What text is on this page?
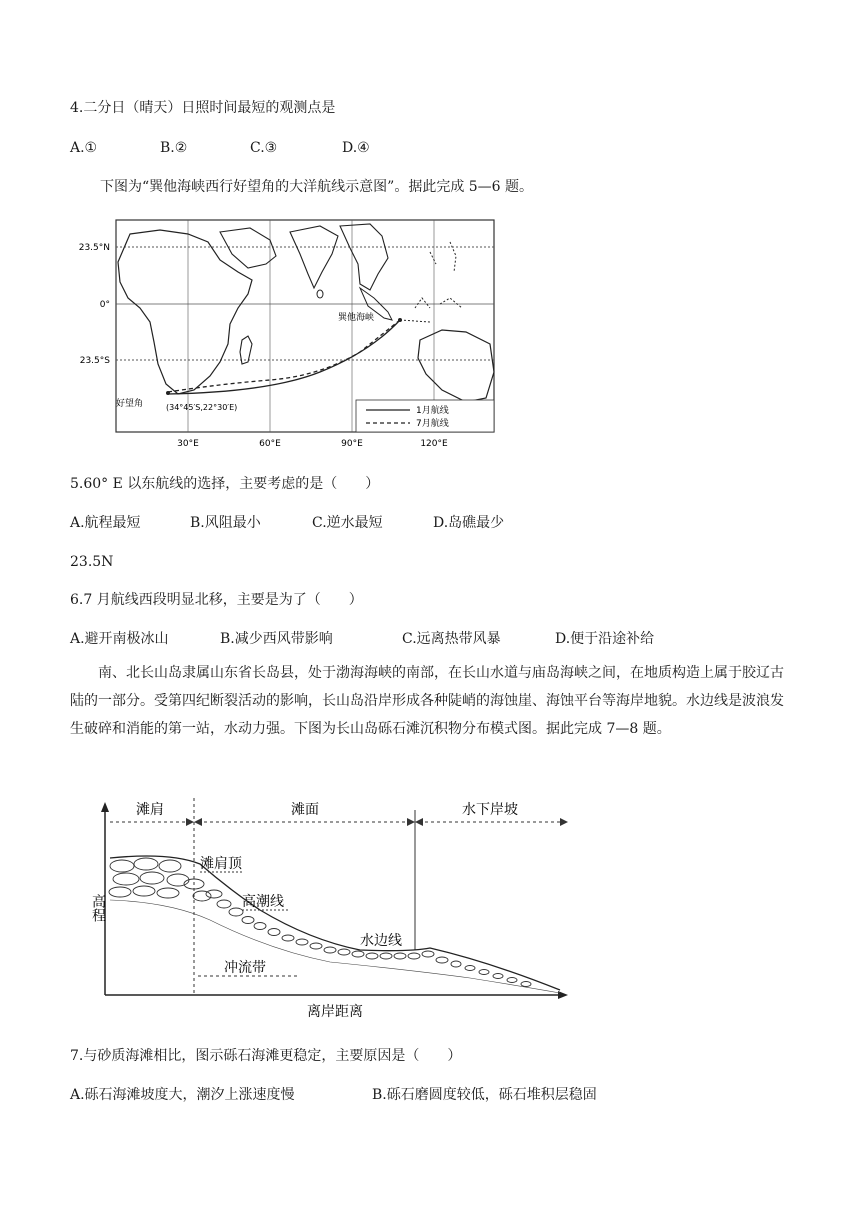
4.二分日（晴天）日照时间最短的观测点是
A.①	B.②	C.③	D.④
下图为“巽他海峡西行好望角的大洋航线示意图”。据此完成 5—6 题。
23.5°N
0°
23.5°S
30°E	60°E	90°E	120°E
巽他海峡
好望角	(34°45′S,22°30′E)	1月航线
7月航线
5.60° E 以东航线的选择，主要考虑的是（　　）
A.航程最短	B.风阻最小	C.逆水最短	D.岛礁最少
23.5N
6.7 月航线西段明显北移，主要是为了（　　）
A.避开南极冰山	B.减少西风带影响	C.远离热带风暴	D.便于沿途补给
南、北长山岛隶属山东省长岛县，处于渤海海峡的南部，在长山水道与庙岛海峡之间，在地质构造上属于胶辽古陆的一部分。受第四纪断裂活动的影响，长山岛沿岸形成各种陡峭的海蚀崖、海蚀平台等海岸地貌。水边线是波浪发生破碎和消能的第一站，水动力强。下图为长山岛砾石滩沉积物分布模式图。据此完成 7—8 题。
滩肩	滩面	水下岸坡
滩肩顶
高潮线
水边线
冲流带
高程
离岸距离
7.与砂质海滩相比，图示砾石海滩更稳定，主要原因是（　　）
A.砾石海滩坡度大，潮汐上涨速度慢	B.砾石磨圆度较低，砾石堆积层稳固
